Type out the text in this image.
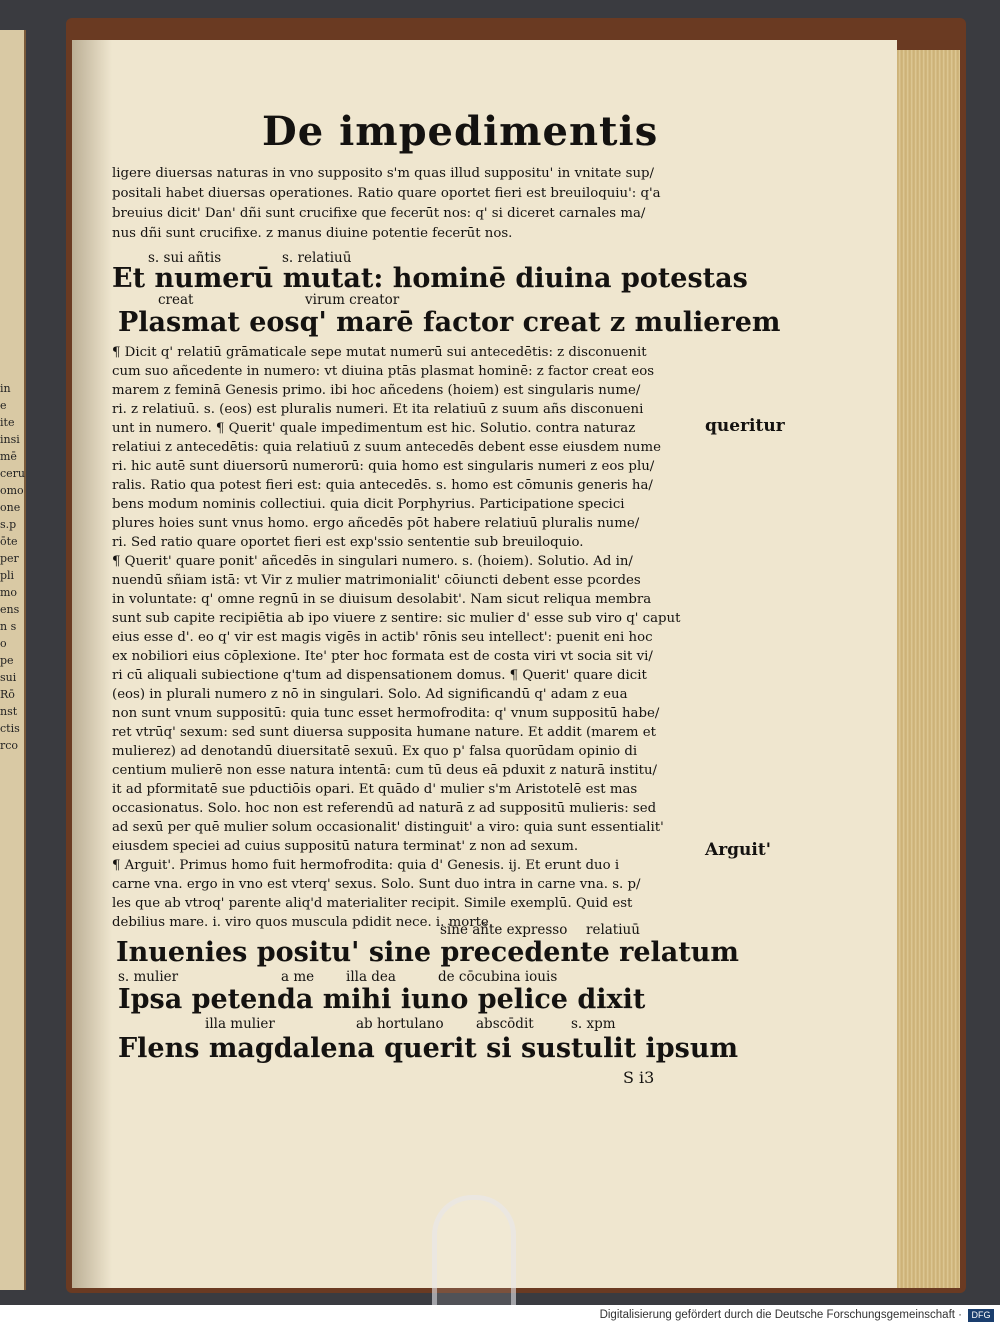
in
e
ite
insi
mē
ceru
omo
one
s.p
ōte
per
pli
mo
ens
n s
o pe
sui
Rō
nst
ctis
rco
De impedimentis
ligere diuersas naturas in vno supposito s'm quas illud suppositu' in vnitate sup/
positali habet diuersas operationes. Ratio quare oportet fieri est breuiloquiu': q'a
breuius dicit' Dan' dñi sunt crucifixe que fecerūt nos: q' si diceret carnales ma/
nus dñi sunt crucifixe. z manus diuine potentie fecerūt nos.
s. sui añtis	s. relatiuū
Et numerū mutat: hominē diuina potestas
creat	virum creator
Plasmat eosq' marē factor creat z mulierem
¶ Dicit q' relatiū grāmaticale sepe mutat numerū sui antecedētis: z disconuenit
cum suo añcedente in numero: vt diuina ptās plasmat hominē: z factor creat eos
marem z feminā Genesis primo. ibi hoc añcedens (hoiem) est singularis nume/
ri. z relatiuū. s. (eos) est pluralis numeri. Et ita relatiuū z suum añs disconueni
unt in numero. ¶ Querit' quale impedimentum est hic. Solutio. contra naturaz
relatiui z antecedētis: quia relatiuū z suum antecedēs debent esse eiusdem nume
ri. hic autē sunt diuersorū numerorū: quia homo est singularis numeri z eos plu/
ralis. Ratio qua potest fieri est: quia antecedēs. s. homo est cōmunis generis ha/
bens modum nominis collectiui. quia dicit Porphyrius. Participatione specici
plures hoies sunt vnus homo. ergo añcedēs pōt habere relatiuū pluralis nume/
ri. Sed ratio quare oportet fieri est exp'ssio sententie sub breuiloquio.
¶ Querit' quare ponit' añcedēs in singulari numero. s. (hoiem). Solutio. Ad in/
nuendū sñiam istā: vt Vir z mulier matrimonialit' cōiuncti debent esse pcordes
in voluntate: q' omne regnū in se diuisum desolabit'. Nam sicut reliqua membra
sunt sub capite recipiētia ab ipo viuere z sentire: sic mulier d' esse sub viro q' caput
eius esse d'. eo q' vir est magis vigēs in actib' rōnis seu intellect': puenit eni hoc
ex nobiliori eius cōplexione. Ite' pter hoc formata est de costa viri vt socia sit vi/
ri cū aliquali subiectione q'tum ad dispensationem domus. ¶ Querit' quare dicit
(eos) in plurali numero z nō in singulari. Solo. Ad significandū q' adam z eua
non sunt vnum suppositū: quia tunc esset hermofrodita: q' vnum suppositū habe/
ret vtrūq' sexum: sed sunt diuersa supposita humane nature. Et addit (marem et
mulierez) ad denotandū diuersitatē sexuū. Ex quo p' falsa quorūdam opinio di
centium mulierē non esse natura intentā: cum tū deus eā pduxit z naturā institu/
it ad pformitatē sue pductiōis opari. Et quādo d' mulier s'm Aristotelē est mas
occasionatus. Solo. hoc non est referendū ad naturā z ad suppositū mulieris: sed
ad sexū per quē mulier solum occasionalit' distinguit' a viro: quia sunt essentialit'
eiusdem speciei ad cuius suppositū natura terminat' z non ad sexum.
¶ Arguit'. Primus homo fuit hermofrodita: quia d' Genesis. ij. Et erunt duo i
carne vna. ergo in vno est vterq' sexus. Solo. Sunt duo intra in carne vna. s. p/
les que ab vtroq' parente aliq'd materialiter recipit. Simile exemplū. Quid est
debilius mare. i. viro quos muscula pdidit nece. i. morte.
queritur
Arguit'
sine añte expresso relatiuū
Inuenies positu' sine precedente relatum
s. mulier	a me illa dea	de cōcubina iouis
Ipsa petenda mihi iuno pelice dixit
illa mulier	ab hortulano abscōdit	s. xpm
Flens magdalena querit si sustulit ipsum
S i3
Digitalisierung gefördert durch die Deutsche Forschungsgemeinschaft ·	DFG
